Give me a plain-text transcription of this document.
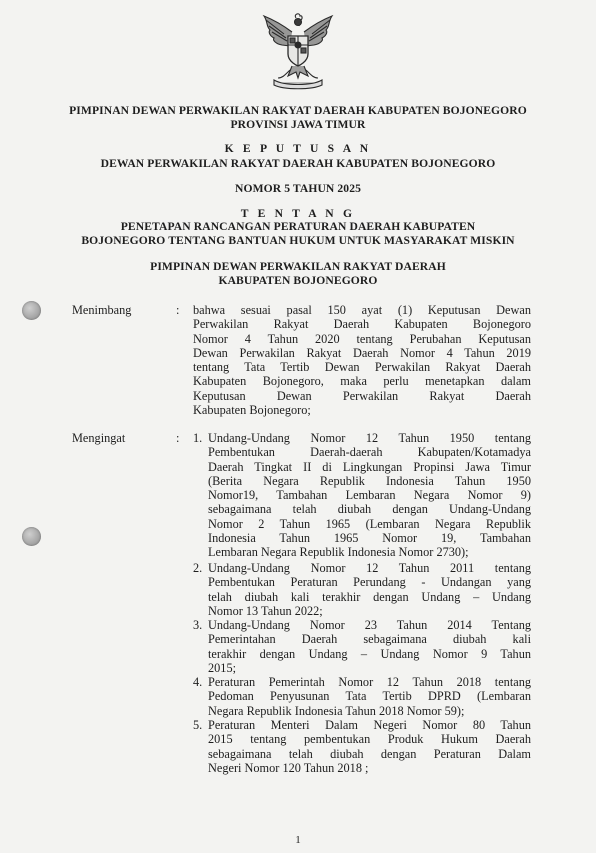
PIMPINAN DEWAN PERWAKILAN RAKYAT DAERAH KABUPATEN BOJONEGORO
PROVINSI JAWA TIMUR
K E P U T U S A N
DEWAN PERWAKILAN RAKYAT DAERAH KABUPATEN BOJONEGORO
NOMOR 5 TAHUN 2025
T E N T A N G
PENETAPAN RANCANGAN PERATURAN DAERAH KABUPATEN
BOJONEGORO TENTANG BANTUAN HUKUM UNTUK MASYARAKAT MISKIN
PIMPINAN DEWAN PERWAKILAN RAKYAT DAERAH
KABUPATEN BOJONEGORO
Menimbang	: bahwa sesuai pasal 150 ayat (1) Keputusan Dewan
Perwakilan Rakyat Daerah Kabupaten Bojonegoro
Nomor 4 Tahun 2020 tentang Perubahan Keputusan
Dewan Perwakilan Rakyat Daerah Nomor 4 Tahun 2019
tentang Tata Tertib Dewan Perwakilan Rakyat Daerah
Kabupaten Bojonegoro, maka perlu menetapkan dalam
Keputusan Dewan Perwakilan Rakyat Daerah
Kabupaten Bojonegoro;
Mengingat	: 1. Undang-Undang Nomor 12 Tahun 1950 tentang
Pembentukan Daerah-daerah Kabupaten/Kotamadya
Daerah Tingkat II di Lingkungan Propinsi Jawa Timur
(Berita Negara Republik Indonesia Tahun 1950
Nomor19, Tambahan Lembaran Negara Nomor 9)
sebagaimana telah diubah dengan Undang-Undang
Nomor 2 Tahun 1965 (Lembaran Negara Republik
Indonesia Tahun 1965 Nomor 19, Tambahan
Lembaran Negara Republik Indonesia Nomor 2730);
2. Undang-Undang Nomor 12 Tahun 2011 tentang
Pembentukan Peraturan Perundang - Undangan yang
telah diubah kali terakhir dengan Undang – Undang
Nomor 13 Tahun 2022;
3. Undang-Undang Nomor 23 Tahun 2014 Tentang
Pemerintahan Daerah sebagaimana diubah kali
terakhir dengan Undang – Undang Nomor 9 Tahun
2015;
4. Peraturan Pemerintah Nomor 12 Tahun 2018 tentang
Pedoman Penyusunan Tata Tertib DPRD (Lembaran
Negara Republik Indonesia Tahun 2018 Nomor 59);
5. Peraturan Menteri Dalam Negeri Nomor 80 Tahun
2015 tentang pembentukan Produk Hukum Daerah
sebagaimana telah diubah dengan Peraturan Dalam
Negeri Nomor 120 Tahun 2018 ;
1
